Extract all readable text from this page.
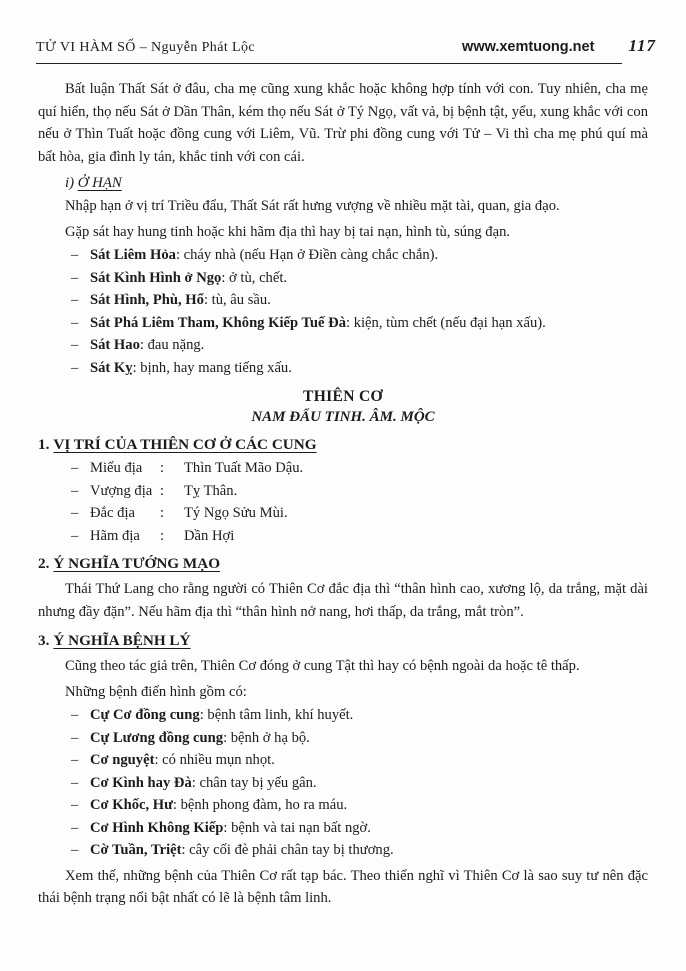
TỬ VI HÀM SỐ – Nguyễn Phát Lộc	www.xemtuong.net 117

Bất luận Thất Sát ở đâu, cha mẹ cũng xung khắc hoặc không hợp tính với con. Tuy nhiên, cha mẹ quí hiển, thọ nếu Sát ở Dần Thân, kém thọ nếu Sát ở Tý Ngọ, vất vả, bị bệnh tật, yểu, xung khắc với con nếu ở Thìn Tuất hoặc đồng cung với Liêm, Vũ. Trừ phi đồng cung với Tử – Vi thì cha mẹ phú quí mà bất hòa, gia đình ly tán, khắc tinh với con cái.

i) Ở HẠN

Nhập hạn ở vị trí Triều đẩu, Thất Sát rất hưng vượng về nhiều mặt tài, quan, gia đạo.

Gặp sát hay hung tinh hoặc khi hãm địa thì hay bị tai nạn, hình tù, súng đạn.

– Sát Liêm Hỏa: cháy nhà (nếu Hạn ở Điền càng chắc chắn).
– Sát Kình Hình ở Ngọ: ở tù, chết.
– Sát Hình, Phù, Hổ: tù, âu sầu.
– Sát Phá Liêm Tham, Không Kiếp Tuế Đà: kiện, tùm chết (nếu đại hạn xấu).
– Sát Hao: đau nặng.
– Sát Kỵ: bịnh, hay mang tiếng xấu.
THIÊN CƠ
NAM ĐẨU TINH. ÂM. MỘC
1. VỊ TRÍ CỦA THIÊN CƠ Ở CÁC CUNG
– Miếu địa : Thìn Tuất Mão Dậu.
– Vượng địa : Tỵ Thân.
– Đắc địa : Tý Ngọ Sửu Mùi.
– Hãm địa : Dần Hợi
2. Ý NGHĨA TƯỚNG MẠO

Thái Thứ Lang cho rằng người có Thiên Cơ đắc địa thì “thân hình cao, xương lộ, da trắng, mặt dài nhưng đầy đặn”. Nếu hãm địa thì “thân hình nở nang, hơi thấp, da trắng, mắt tròn”.

3. Ý NGHĨA BỆNH LÝ

Cũng theo tác giả trên, Thiên Cơ đóng ở cung Tật thì hay có bệnh ngoài da hoặc tê thấp.

Những bệnh điển hình gồm có:

– Cự Cơ đồng cung: bệnh tâm linh, khí huyết.
– Cự Lương đồng cung: bệnh ở hạ bộ.
– Cơ nguyệt: có nhiều mụn nhọt.
– Cơ Kình hay Đà: chân tay bị yếu gân.
– Cơ Khốc, Hư: bệnh phong đàm, ho ra máu.
– Cơ Hình Không Kiếp: bệnh và tai nạn bất ngờ.
– Cờ Tuần, Triệt: cây cối đè phải chân tay bị thương.

Xem thế, những bệnh của Thiên Cơ rất tạp bác. Theo thiển nghĩ vì Thiên Cơ là sao suy tư nên đặc thái bệnh trạng nổi bật nhất có lẽ là bệnh tâm linh.
